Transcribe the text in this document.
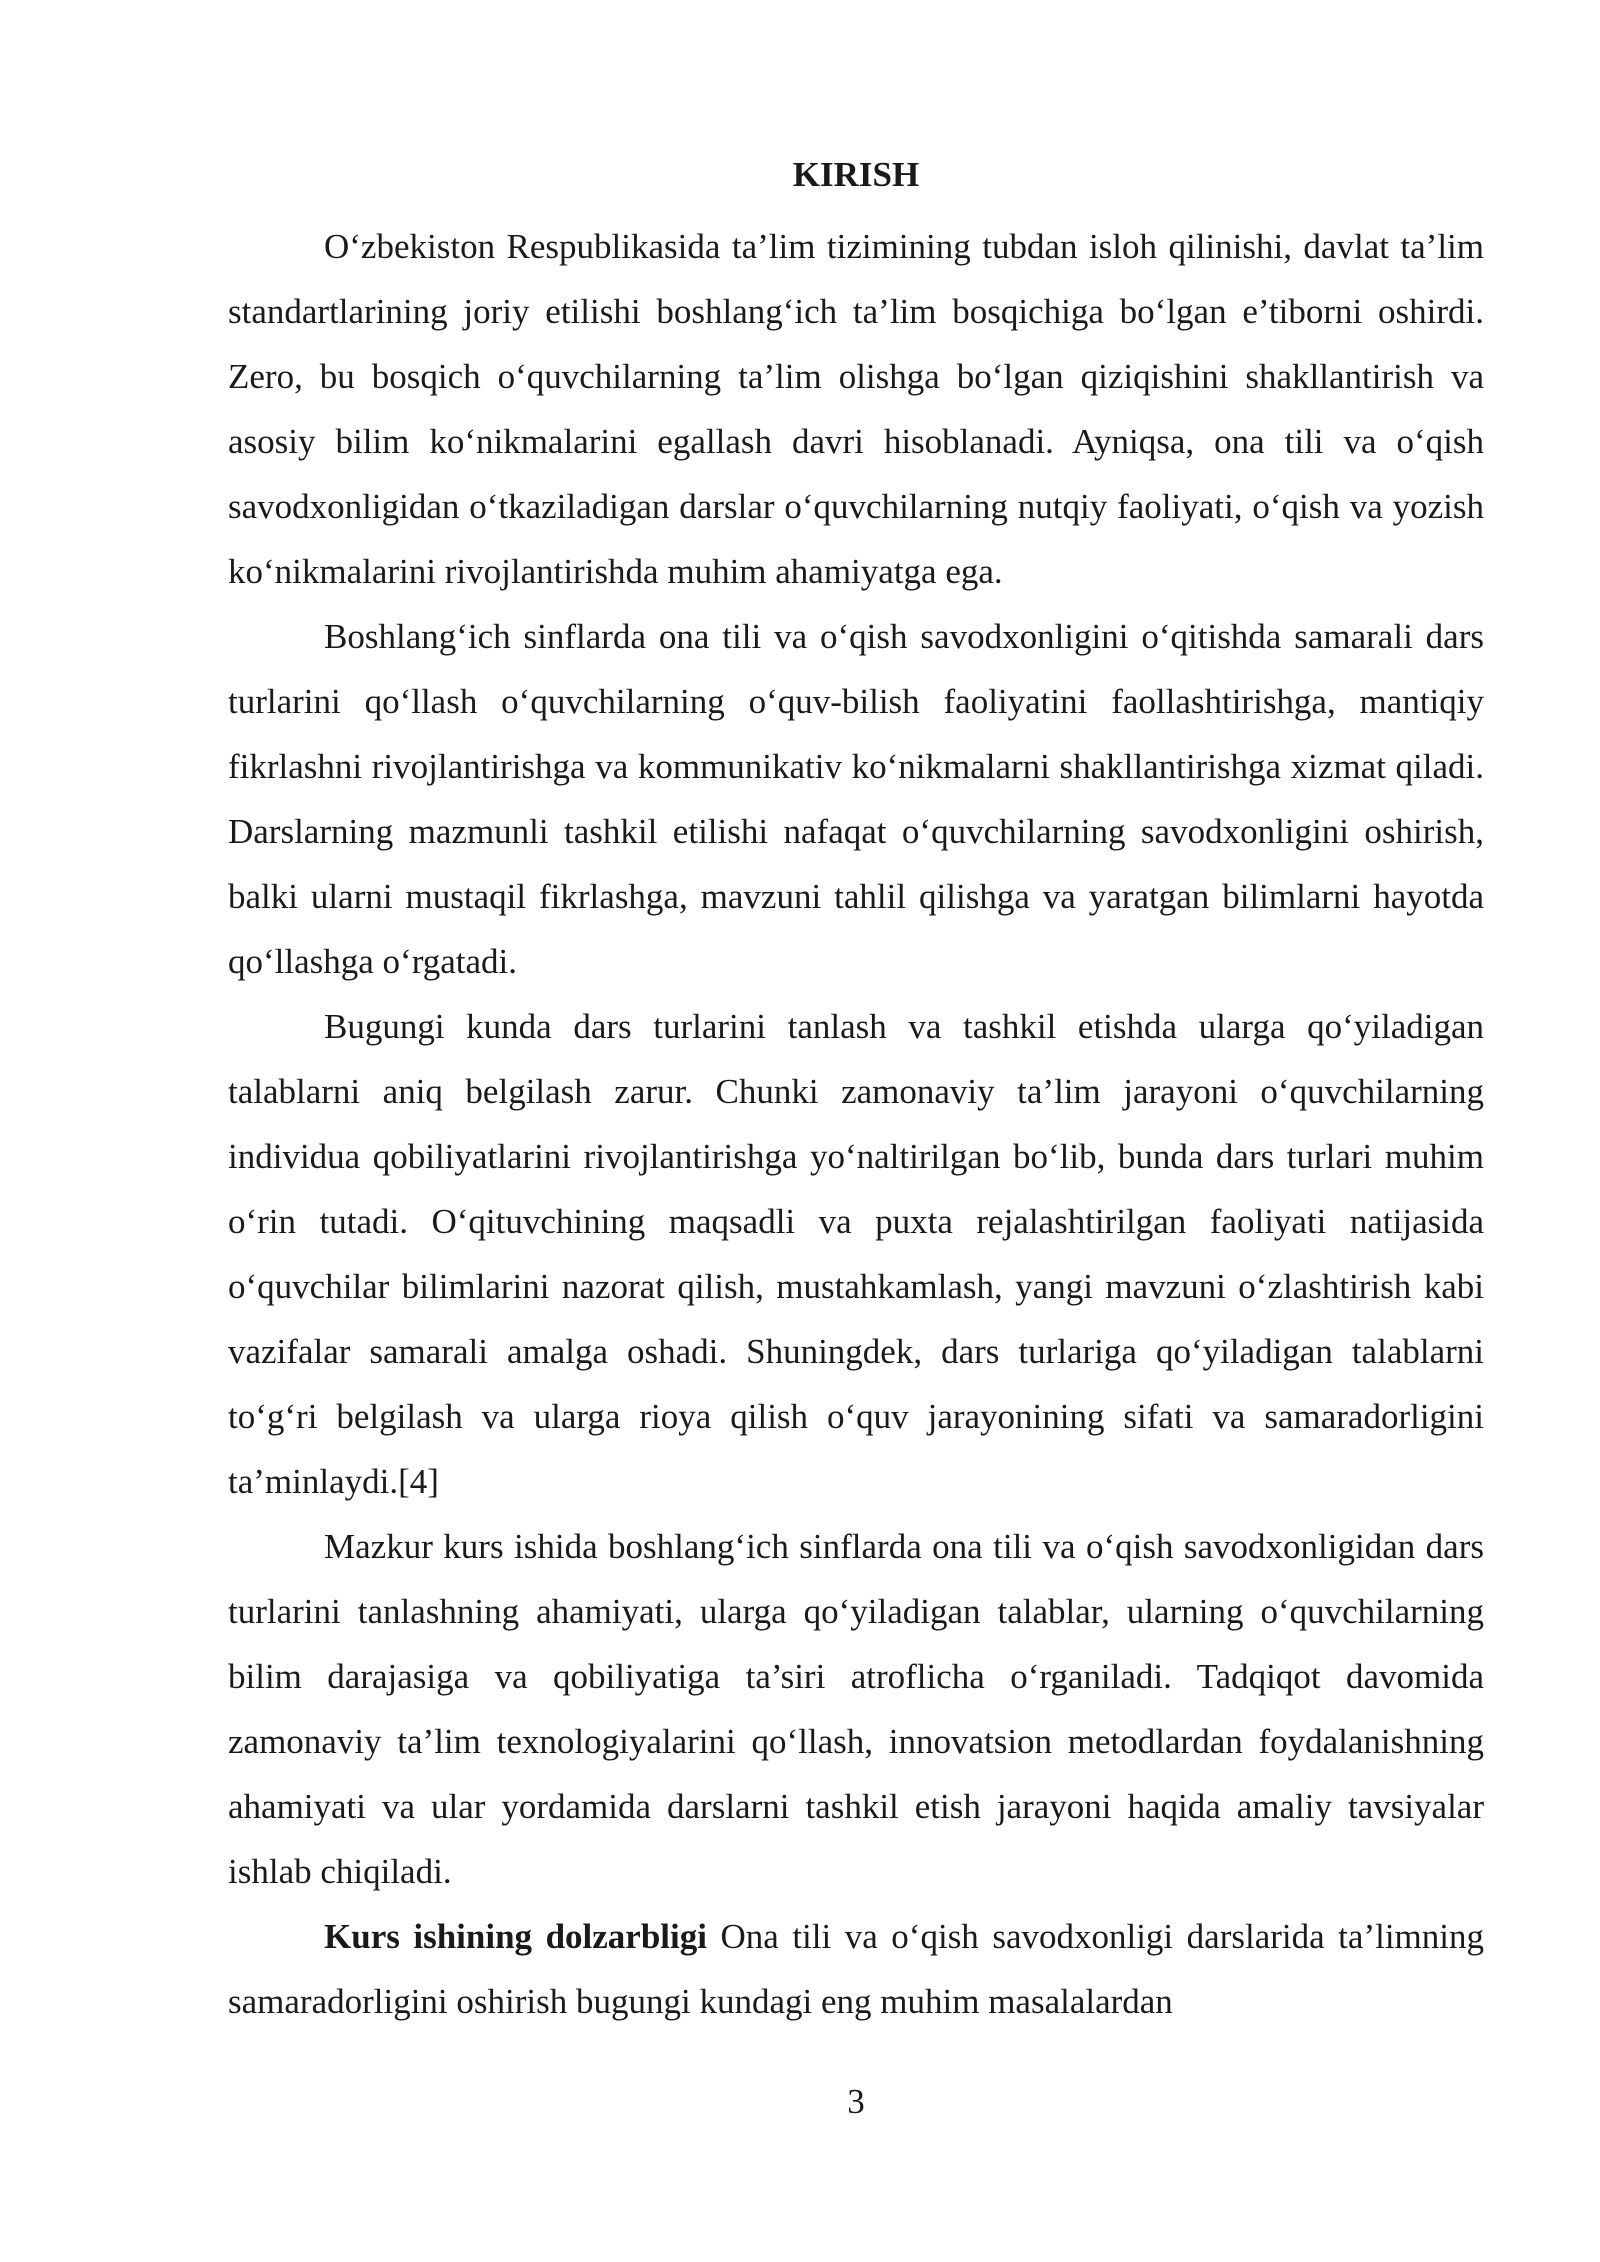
KIRISH

O‘zbekiston Respublikasida ta’lim tizimining tubdan isloh qilinishi, davlat ta’lim standartlarining joriy etilishi boshlang‘ich ta’lim bosqichiga bo‘lgan e’tiborni oshirdi. Zero, bu bosqich o‘quvchilarning ta’lim olishga bo‘lgan qiziqishini shakllantirish va asosiy bilim ko‘nikmalarini egallash davri hisoblanadi. Ayniqsa, ona tili va o‘qish savodxonligidan o‘tkaziladigan darslar o‘quvchilarning nutqiy faoliyati, o‘qish va yozish ko‘nikmalarini rivojlantirishda muhim ahamiyatga ega.

Boshlang‘ich sinflarda ona tili va o‘qish savodxonligini o‘qitishda samarali dars turlarini qo‘llash o‘quvchilarning o‘quv-bilish faoliyatini faollashtirishga, mantiqiy fikrlashni rivojlantirishga va kommunikativ ko‘nikmalarni shakllantirishga xizmat qiladi. Darslarning mazmunli tashkil etilishi nafaqat o‘quvchilarning savodxonligini oshirish, balki ularni mustaqil fikrlashga, mavzuni tahlil qilishga va yaratgan bilimlarni hayotda qo‘llashga o‘rgatadi.

Bugungi kunda dars turlarini tanlash va tashkil etishda ularga qo‘yiladigan talablarni aniq belgilash zarur. Chunki zamonaviy ta’lim jarayoni o‘quvchilarning individua qobiliyatlarini rivojlantirishga yo‘naltirilgan bo‘lib, bunda dars turlari muhim o‘rin tutadi. O‘qituvchining maqsadli va puxta rejalashtirilgan faoliyati natijasida o‘quvchilar bilimlarini nazorat qilish, mustahkamlash, yangi mavzuni o‘zlashtirish kabi vazifalar samarali amalga oshadi. Shuningdek, dars turlariga qo‘yiladigan talablarni to‘g‘ri belgilash va ularga rioya qilish o‘quv jarayonining sifati va samaradorligini ta’minlaydi.[4]

Mazkur kurs ishida boshlang‘ich sinflarda ona tili va o‘qish savodxonligidan dars turlarini tanlashning ahamiyati, ularga qo‘yiladigan talablar, ularning o‘quvchilarning bilim darajasiga va qobiliyatiga ta’siri atroflicha o‘rganiladi. Tadqiqot davomida zamonaviy ta’lim texnologiyalarini qo‘llash, innovatsion metodlardan foydalanishning ahamiyati va ular yordamida darslarni tashkil etish jarayoni haqida amaliy tavsiyalar ishlab chiqiladi.

Kurs ishining dolzarbligi Ona tili va o‘qish savodxonligi darslarida ta’limning samaradorligini oshirish bugungi kundagi eng muhim masalalardan

3
